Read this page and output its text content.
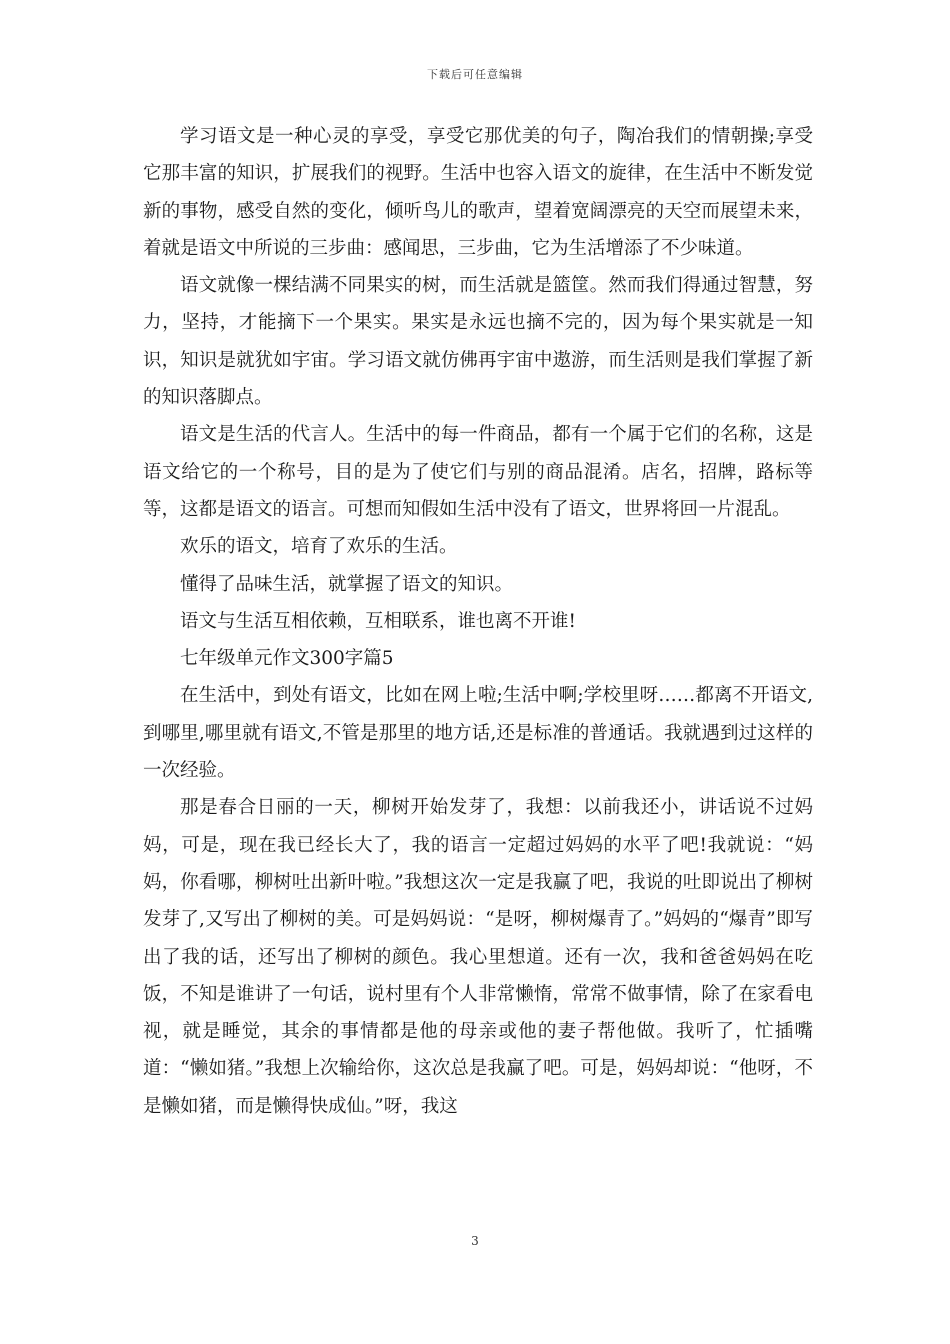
下载后可任意编辑

学习语文是一种心灵的享受，享受它那优美的句子，陶冶我们的情朝操;享受它那丰富的知识，扩展我们的视野。生活中也容入语文的旋律，在生活中不断发觉新的事物，感受自然的变化，倾听鸟儿的歌声，望着宽阔漂亮的天空而展望未来，着就是语文中所说的三步曲：感闻思，三步曲，它为生活增添了不少味道。

语文就像一棵结满不同果实的树，而生活就是篮筐。然而我们得通过智慧，努力，坚持，才能摘下一个果实。果实是永远也摘不完的，因为每个果实就是一知识，知识是就犹如宇宙。学习语文就仿佛再宇宙中遨游，而生活则是我们掌握了新的知识落脚点。

语文是生活的代言人。生活中的每一件商品，都有一个属于它们的名称，这是语文给它的一个称号，目的是为了使它们与别的商品混淆。店名，招牌，路标等等，这都是语文的语言。可想而知假如生活中没有了语文，世界将回一片混乱。

欢乐的语文，培育了欢乐的生活。

懂得了品味生活，就掌握了语文的知识。

语文与生活互相依赖，互相联系，谁也离不开谁!

七年级单元作文300字篇5

在生活中，到处有语文，比如在网上啦;生活中啊;学校里呀……都离不开语文,到哪里,哪里就有语文,不管是那里的地方话,还是标准的普通话。我就遇到过这样的一次经验。

那是春合日丽的一天，柳树开始发芽了，我想：以前我还小，讲话说不过妈妈，可是，现在我已经长大了，我的语言一定超过妈妈的水平了吧!我就说：“妈妈，你看哪，柳树吐出新叶啦。”我想这次一定是我赢了吧，我说的吐即说出了柳树发芽了,又写出了柳树的美。可是妈妈说：“是呀，柳树爆青了。”妈妈的“爆青”即写出了我的话，还写出了柳树的颜色。我心里想道。还有一次，我和爸爸妈妈在吃饭，不知是谁讲了一句话，说村里有个人非常懒惰，常常不做事情，除了在家看电视，就是睡觉，其余的事情都是他的母亲或他的妻子帮他做。我听了，忙插嘴道：“懒如猪。”我想上次输给你，这次总是我赢了吧。可是，妈妈却说：“他呀，不是懒如猪，而是懒得快成仙。”呀，我这

3
